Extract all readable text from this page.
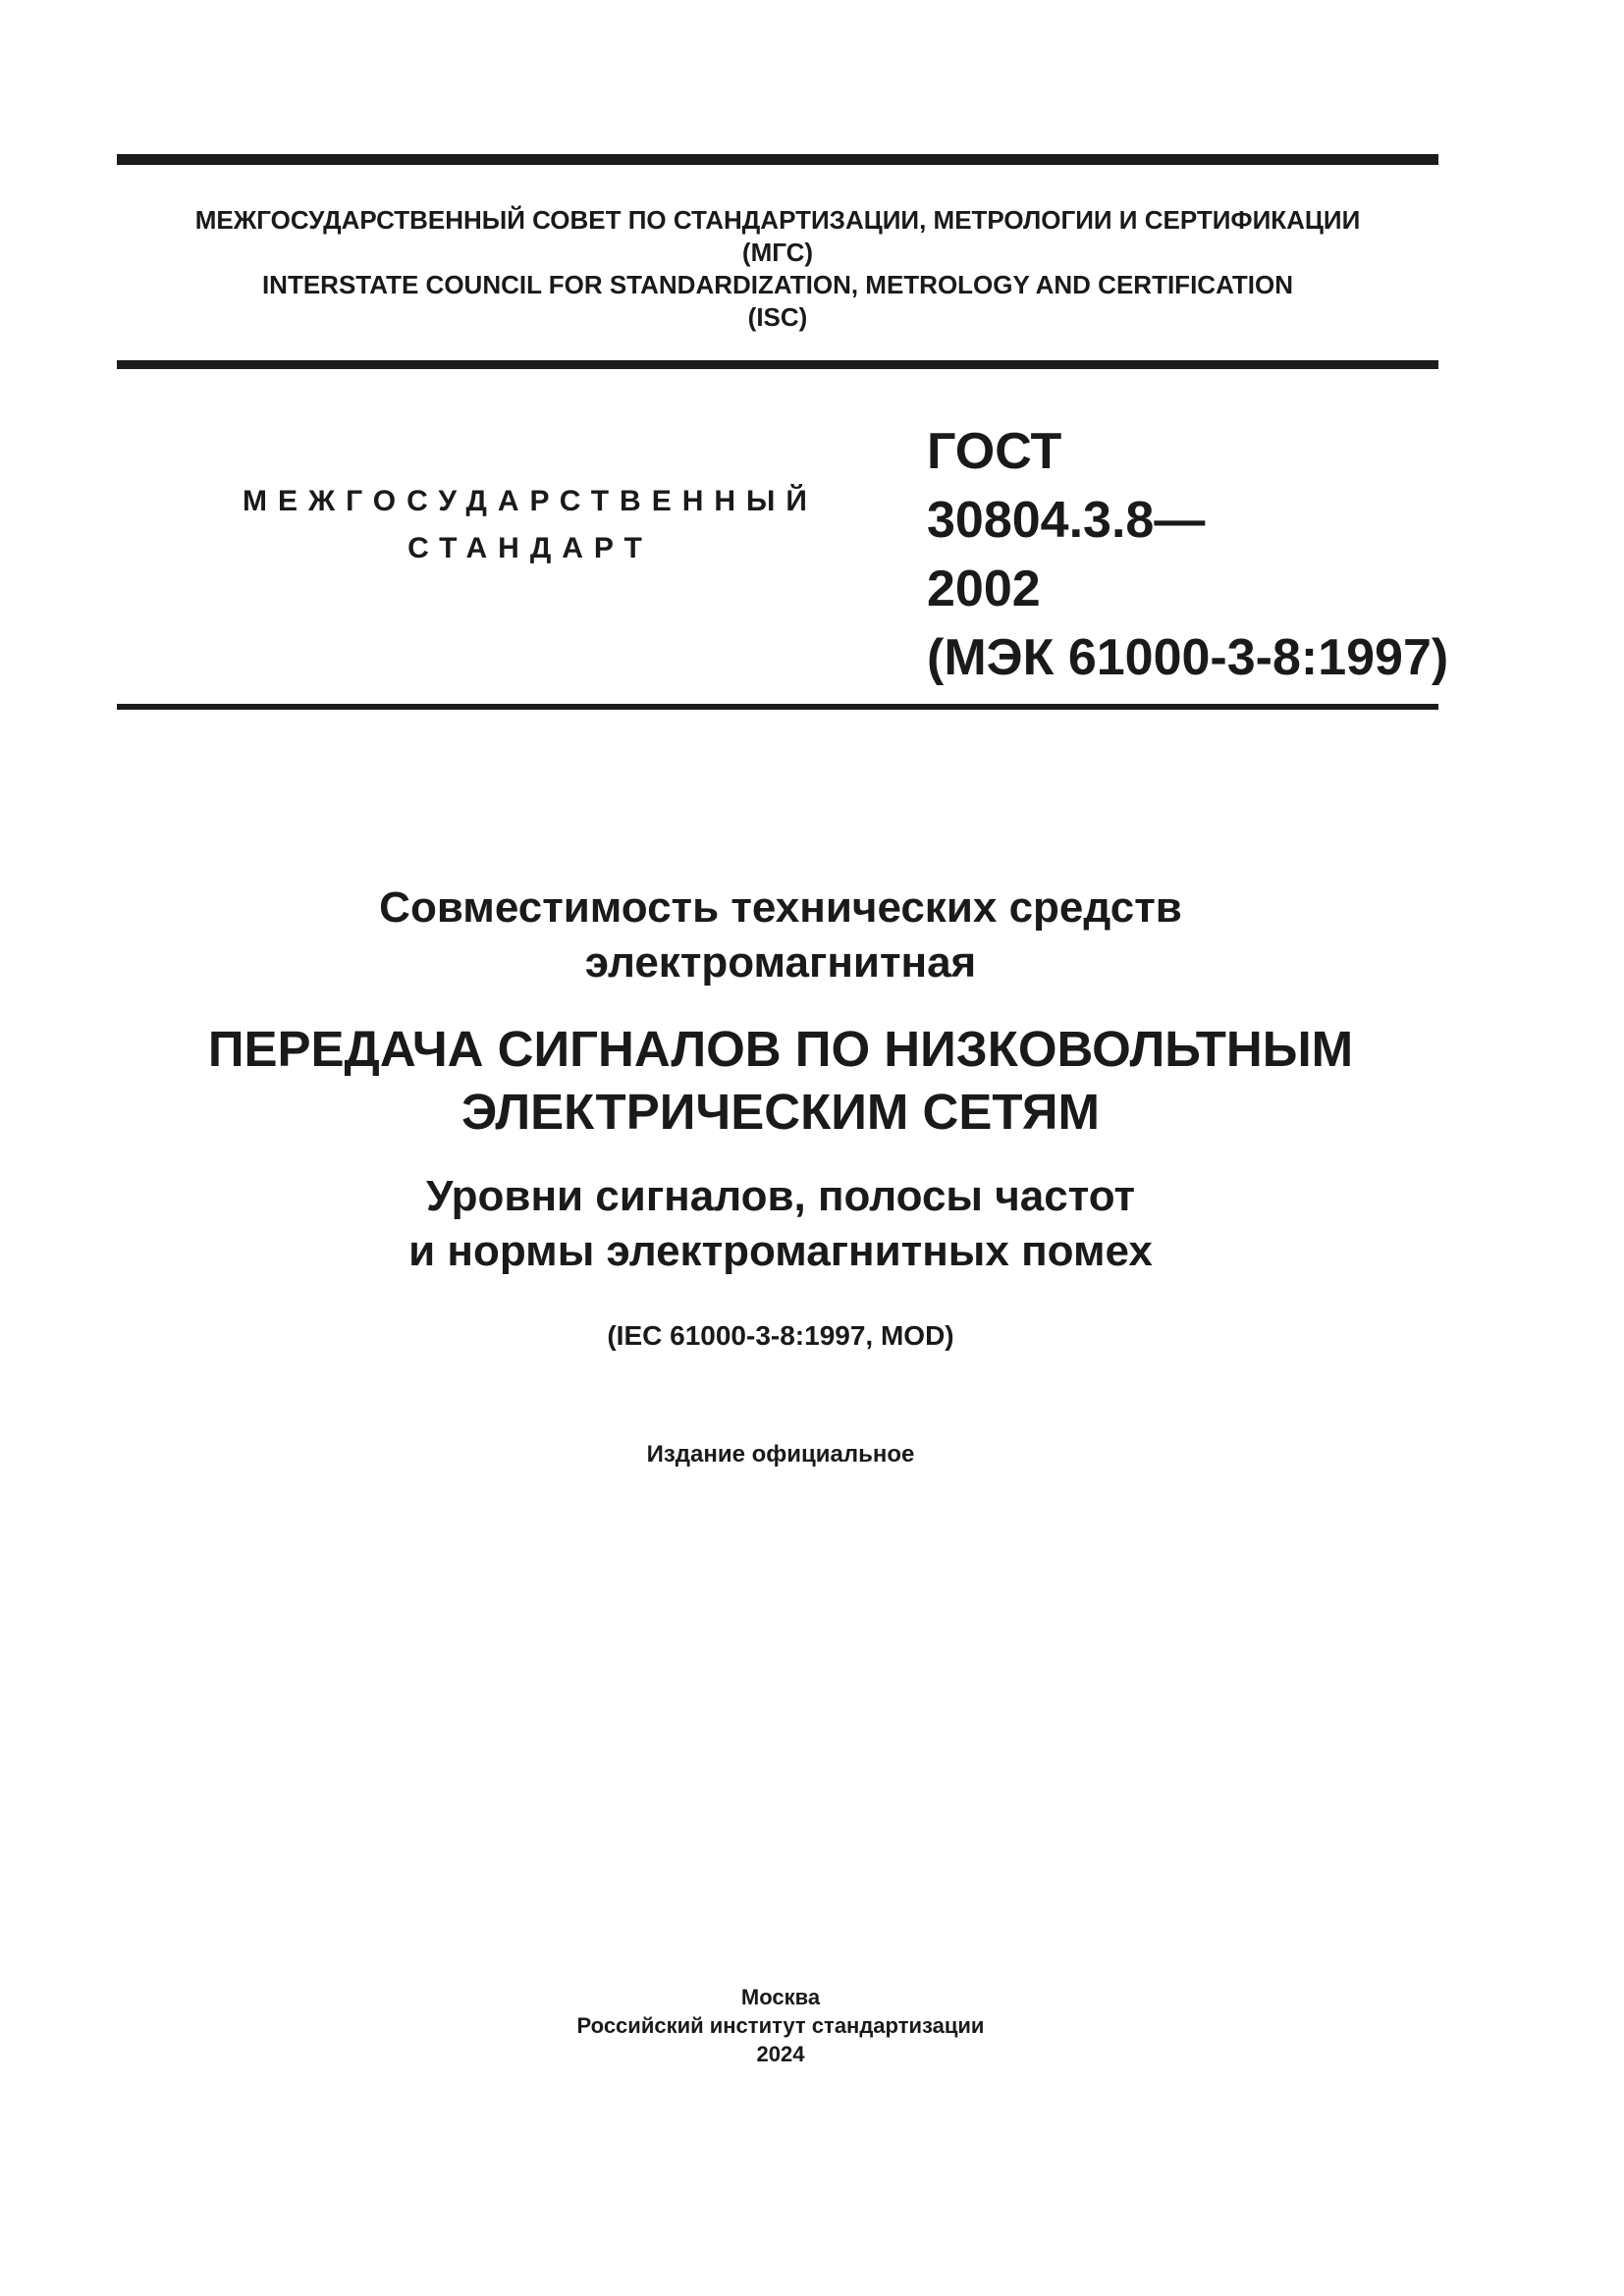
МЕЖГОСУДАРСТВЕННЫЙ СОВЕТ ПО СТАНДАРТИЗАЦИИ, МЕТРОЛОГИИ И СЕРТИФИКАЦИИ
(МГС)
INTERSTATE COUNCIL FOR STANDARDIZATION, METROLOGY AND CERTIFICATION
(ISC)
МЕЖГОСУДАРСТВЕННЫЙ
СТАНДАРТ
ГОСТ
30804.3.8—
2002
(МЭК 61000-3-8:1997)
Совместимость технических средств
электромагнитная
ПЕРЕДАЧА СИГНАЛОВ ПО НИЗКОВОЛЬТНЫМ
ЭЛЕКТРИЧЕСКИМ СЕТЯМ
Уровни сигналов, полосы частот
и нормы электромагнитных помех
(IEC 61000-3-8:1997, MOD)
Издание официальное
Москва
Российский институт стандартизации
2024
